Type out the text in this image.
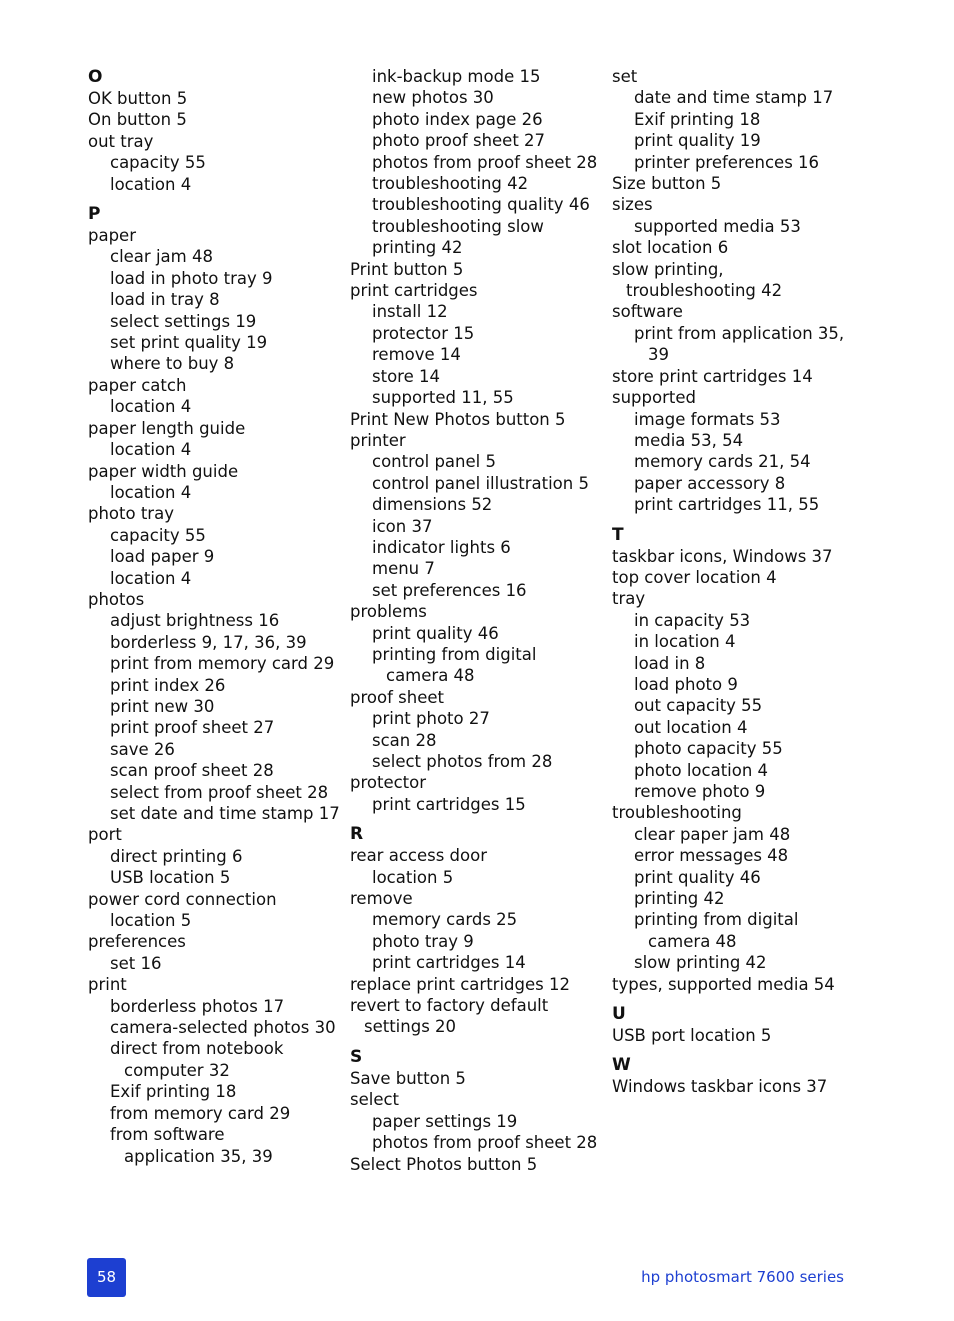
O
OK button 5
On button 5
out tray
capacity 55
location 4
P
paper
clear jam 48
load in photo tray 9
load in tray 8
select settings 19
set print quality 19
where to buy 8
paper catch
location 4
paper length guide
location 4
paper width guide
location 4
photo tray
capacity 55
load paper 9
location 4
photos
adjust brightness 16
borderless 9, 17, 36, 39
print from memory card 29
print index 26
print new 30
print proof sheet 27
save 26
scan proof sheet 28
select from proof sheet 28
set date and time stamp 17
port
direct printing 6
USB location 5
power cord connection
location 5
preferences
set 16
print
borderless photos 17
camera-selected photos 30
direct from notebook
computer 32
Exif printing 18
from memory card 29
from software
application 35, 39
ink-backup mode 15
new photos 30
photo index page 26
photo proof sheet 27
photos from proof sheet 28
troubleshooting 42
troubleshooting quality 46
troubleshooting slow
printing 42
Print button 5
print cartridges
install 12
protector 15
remove 14
store 14
supported 11, 55
Print New Photos button 5
printer
control panel 5
control panel illustration 5
dimensions 52
icon 37
indicator lights 6
menu 7
set preferences 16
problems
print quality 46
printing from digital
camera 48
proof sheet
print photo 27
scan 28
select photos from 28
protector
print cartridges 15
R
rear access door
location 5
remove
memory cards 25
photo tray 9
print cartridges 14
replace print cartridges 12
revert to factory default
settings 20
S
Save button 5
select
paper settings 19
photos from proof sheet 28
Select Photos button 5
set
date and time stamp 17
Exif printing 18
print quality 19
printer preferences 16
Size button 5
sizes
supported media 53
slot location 6
slow printing,
troubleshooting 42
software
print from application 35,
39
store print cartridges 14
supported
image formats 53
media 53, 54
memory cards 21, 54
paper accessory 8
print cartridges 11, 55
T
taskbar icons, Windows 37
top cover location 4
tray
in capacity 53
in location 4
load in 8
load photo 9
out capacity 55
out location 4
photo capacity 55
photo location 4
remove photo 9
troubleshooting
clear paper jam 48
error messages 48
print quality 46
printing 42
printing from digital
camera 48
slow printing 42
types, supported media 54
U
USB port location 5
W
Windows taskbar icons 37
58	hp photosmart 7600 series
